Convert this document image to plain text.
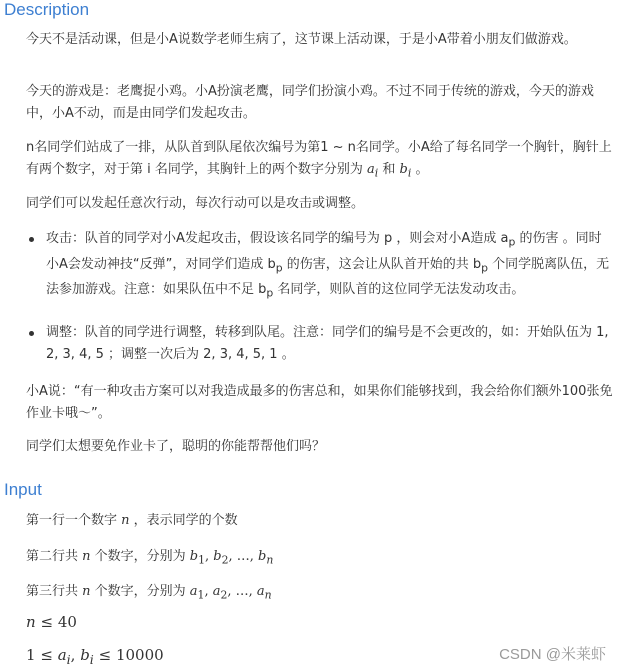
Description

今天不是活动课，但是小A说数学老师生病了，这节课上活动课，于是小A带着小朋友们做游戏。

今天的游戏是：老鹰捉小鸡。小A扮演老鹰，同学们扮演小鸡。不过不同于传统的游戏，今天的游戏中，小A不动，而是由同学们发起攻击。

n名同学们站成了一排，从队首到队尾依次编号为第1 ~ n名同学。小A给了每名同学一个胸针，胸针上有两个数字，对于第 i 名同学，其胸针上的两个数字分别为 $a_i$ 和 $b_i$ 。

同学们可以发起任意次行动，每次行动可以是攻击或调整。

攻击：队首的同学对小A发起攻击，假设该名同学的编号为 p ，则会对小A造成 $a_p$ 的伤害 。同时小A会发动神技“反弹”，对同学们造成 $b_p$ 的伤害，这会让从队首开始的共 $b_p$ 个同学脱离队伍，无法参加游戏。注意：如果队伍中不足 $b_p$ 名同学，则队首的这位同学无法发动攻击。
调整：队首的同学进行调整，转移到队尾。注意：同学们的编号是不会更改的，如：开始队伍为 1, 2, 3, 4, 5 ；调整一次后为 2, 3, 4, 5, 1 。

小A说：“有一种攻击方案可以对我造成最多的伤害总和，如果你们能够找到，我会给你们额外100张免作业卡哦～”。

同学们太想要免作业卡了，聪明的你能帮帮他们吗？

Input
第一行一个数字 n ，表示同学的个数
第二行共 n 个数字，分别为 $b_1$, $b_2$, …, $b_n$
第三行共 n 个数字，分别为 $a_1$, $a_2$, …, $a_n$
n ≤ 40
$1 \le a_i$, $b_i \le 10000$	CSDN @米莱虾
